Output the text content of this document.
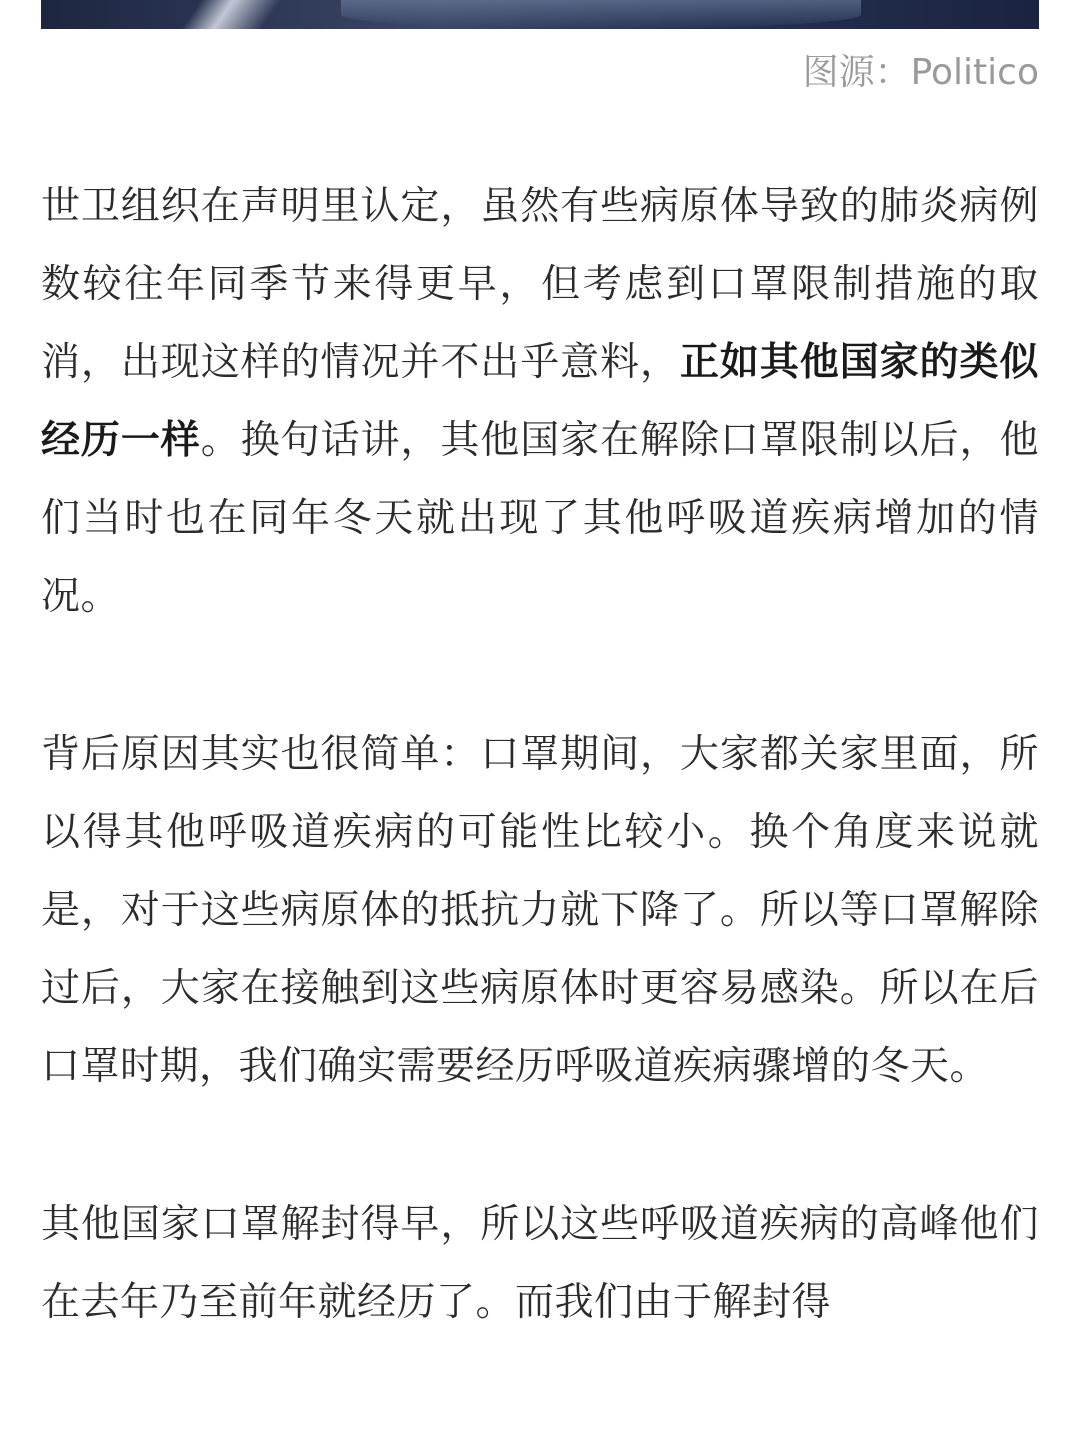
图源：Politico

世卫组织在声明里认定，虽然有些病原体导致的肺炎病例数较往年同季节来得更早，但考虑到口罩限制措施的取消，出现这样的情况并不出乎意料，正如其他国家的类似经历一样。换句话讲，其他国家在解除口罩限制以后，他们当时也在同年冬天就出现了其他呼吸道疾病增加的情况。

背后原因其实也很简单：口罩期间，大家都关家里面，所以得其他呼吸道疾病的可能性比较小。换个角度来说就是，对于这些病原体的抵抗力就下降了。所以等口罩解除过后，大家在接触到这些病原体时更容易感染。所以在后口罩时期，我们确实需要经历呼吸道疾病骤增的冬天。

其他国家口罩解封得早，所以这些呼吸道疾病的高峰他们在去年乃至前年就经历了。而我们由于解封得
